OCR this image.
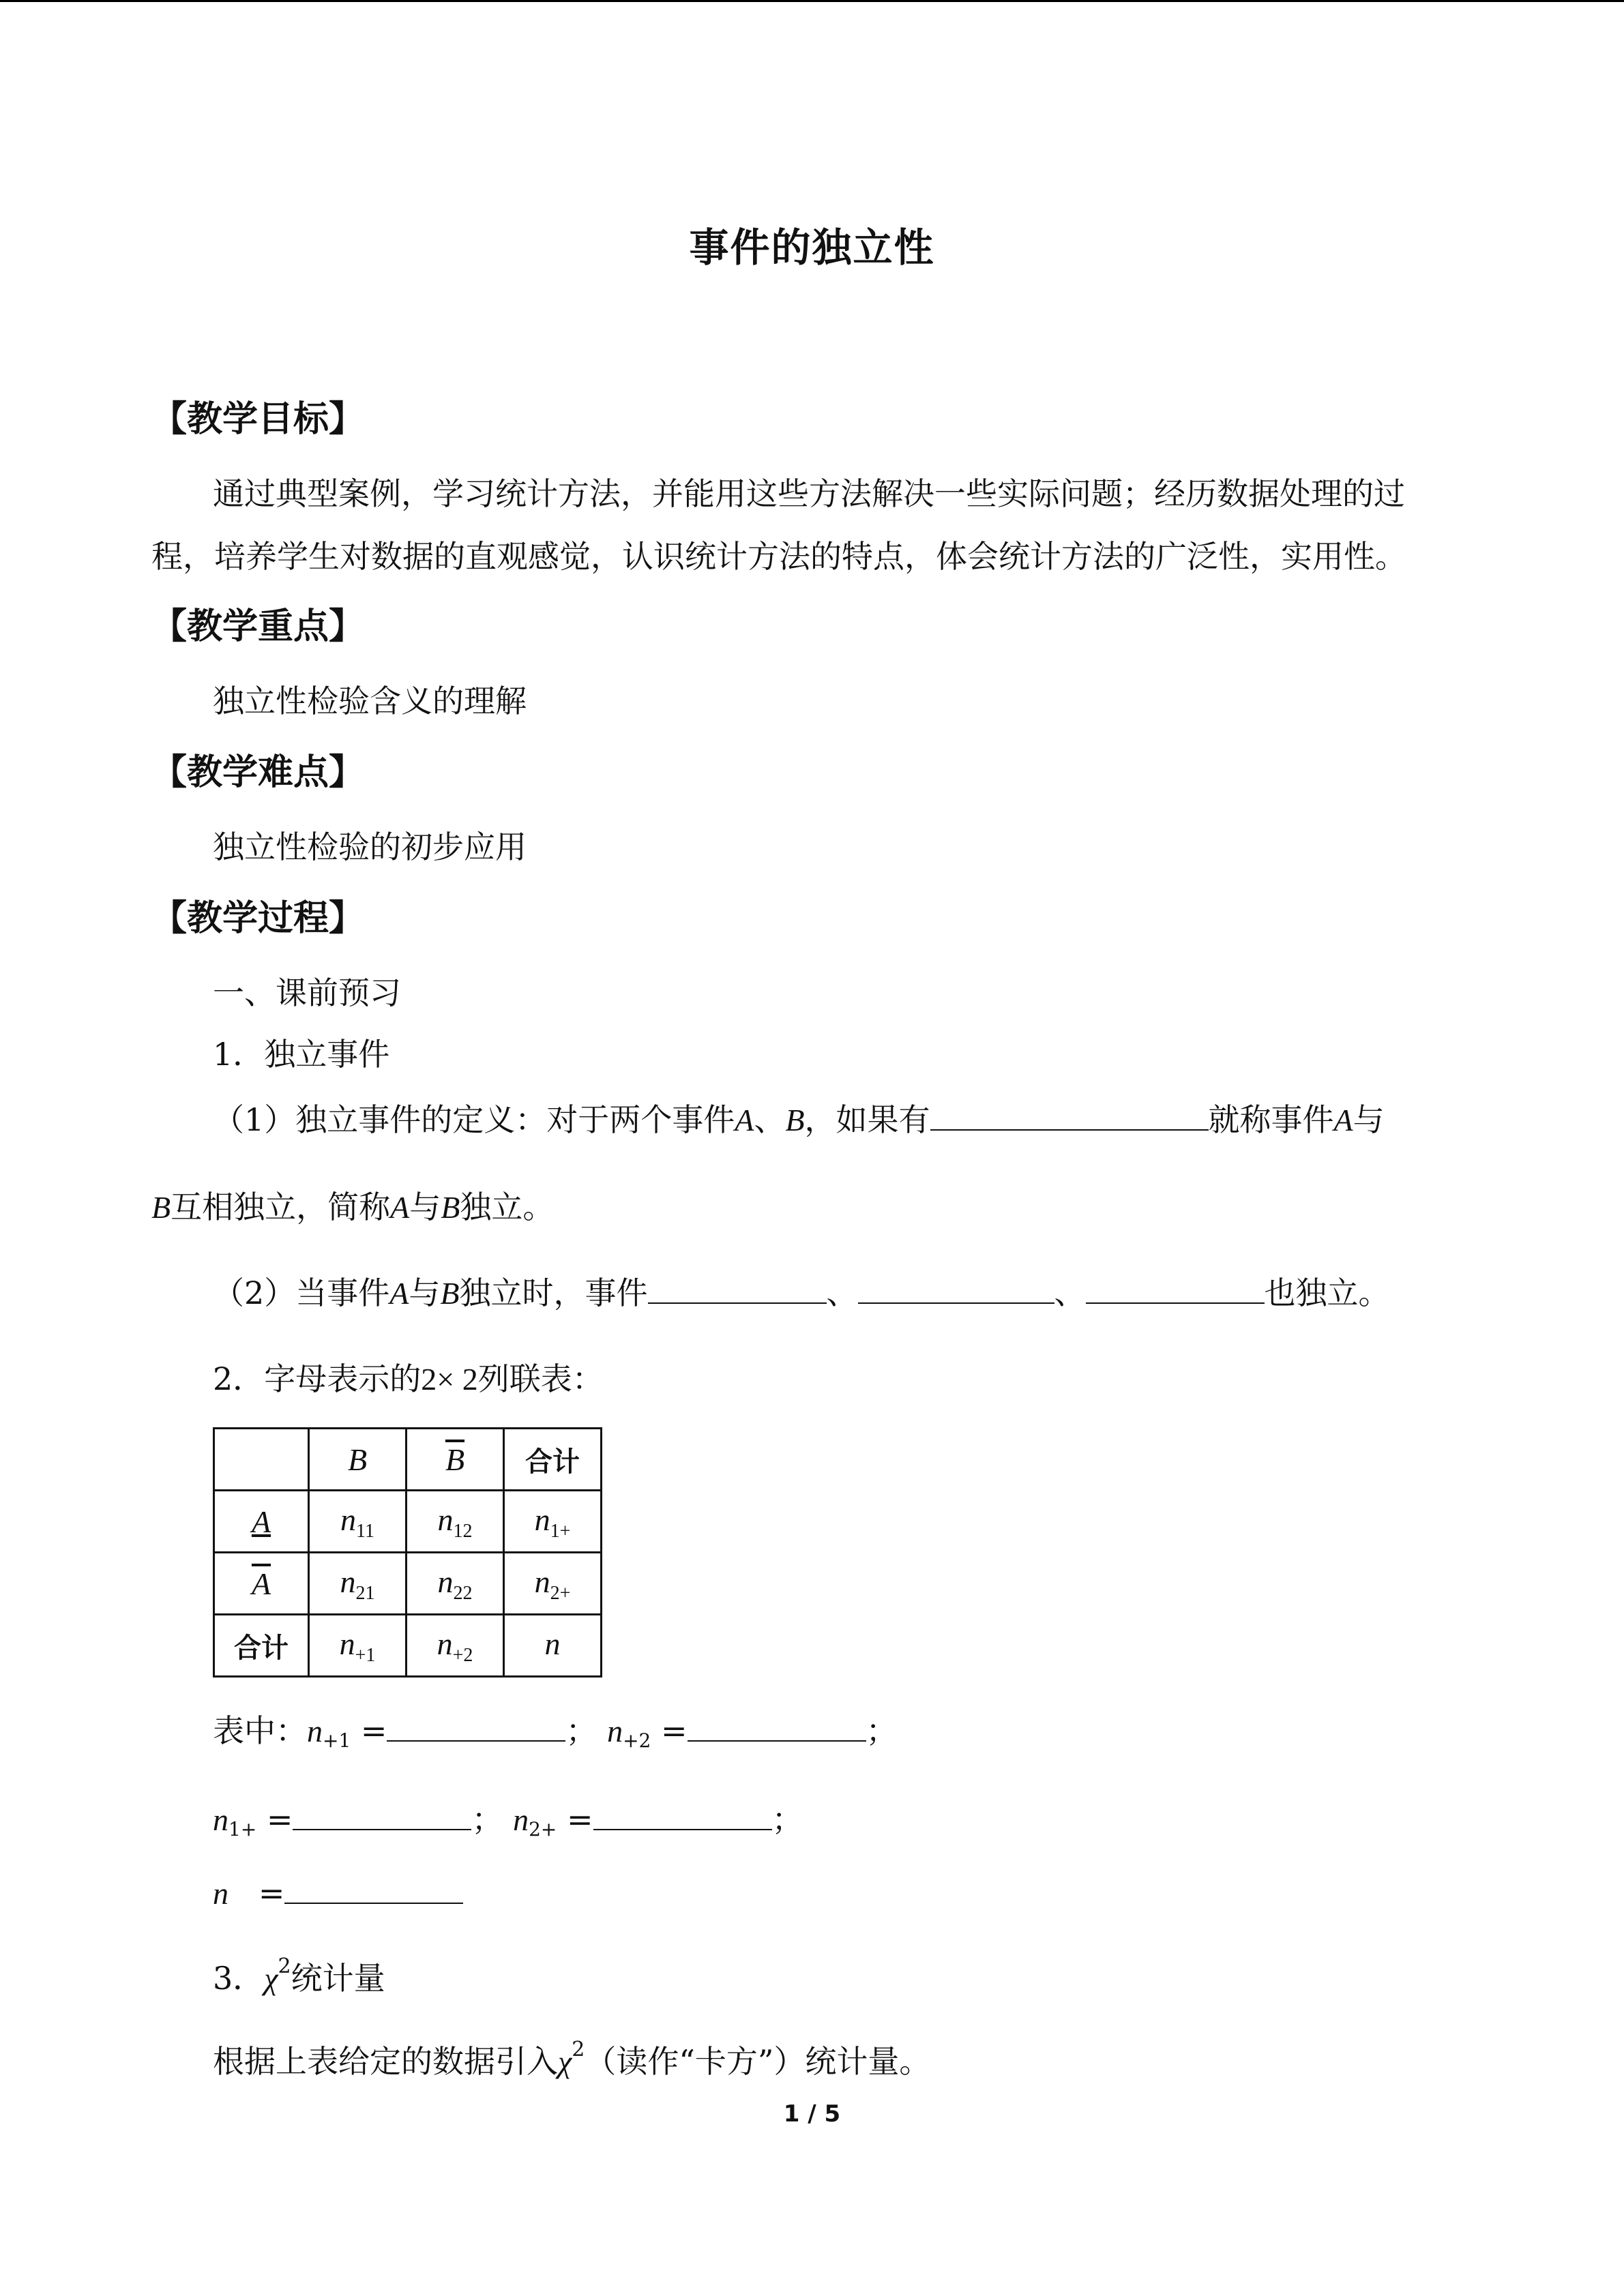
事件的独立性
【教学目标】
通过典型案例，学习统计方法，并能用这些方法解决一些实际问题；经历数据处理的过
程，培养学生对数据的直观感觉，认识统计方法的特点，体会统计方法的广泛性，实用性。
【教学重点】
独立性检验含义的理解
【教学难点】
独立性检验的初步应用
【教学过程】
一、课前预习
1．独立事件
（1）独立事件的定义：对于两个事件A、B，如果有	就称事件A与
B互相独立，简称A与B独立。
（2）当事件A与B独立时，事件	、	、	也独立。
2．字母表示的2× 2列联表：
	B	$\overline{B}$	合计
A	$n_{11}$	$n_{12}$	$n_{1+}$
$\overline{A}$	$n_{21}$	$n_{22}$	$n_{2+}$
合计	$n_{+1}$	$n_{+2}$	n
表中：$n_{+1}$ =	； $n_{+2}$ =	；
$n_{1+}$ =	； $n_{2+}$ =	；
n =
3．$\chi^2$统计量
根据上表给定的数据引入$\chi^2$（读作“卡方”）统计量。
1 / 5
